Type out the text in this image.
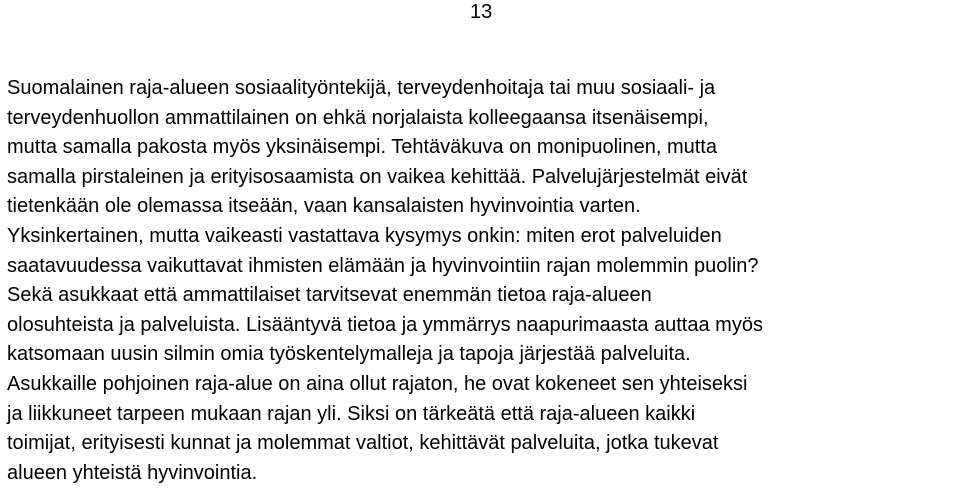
13

Suomalainen raja-alueen sosiaalityöntekijä, terveydenhoitaja tai muu sosiaali- ja
terveydenhuollon ammattilainen on ehkä norjalaista kolleegaansa itsenäisempi,
mutta samalla pakosta myös yksinäisempi. Tehtäväkuva on monipuolinen, mutta
samalla pirstaleinen ja erityisosaamista on vaikea kehittää. Palvelujärjestelmät eivät
tietenkään ole olemassa itseään, vaan kansalaisten hyvinvointia varten.
Yksinkertainen, mutta vaikeasti vastattava kysymys onkin: miten erot palveluiden
saatavuudessa vaikuttavat ihmisten elämään ja hyvinvointiin rajan molemmin puolin?
Sekä asukkaat että ammattilaiset tarvitsevat enemmän tietoa raja-alueen
olosuhteista ja palveluista. Lisääntyvä tietoa ja ymmärrys naapurimaasta auttaa myös
katsomaan uusin silmin omia työskentelymalleja ja tapoja järjestää palveluita.
Asukkaille pohjoinen raja-alue on aina ollut rajaton, he ovat kokeneet sen yhteiseksi
ja liikkuneet tarpeen mukaan rajan yli. Siksi on tärkeätä että raja-alueen kaikki
toimijat, erityisesti kunnat ja molemmat valtiot, kehittävät palveluita, jotka tukevat
alueen yhteistä hyvinvointia.
